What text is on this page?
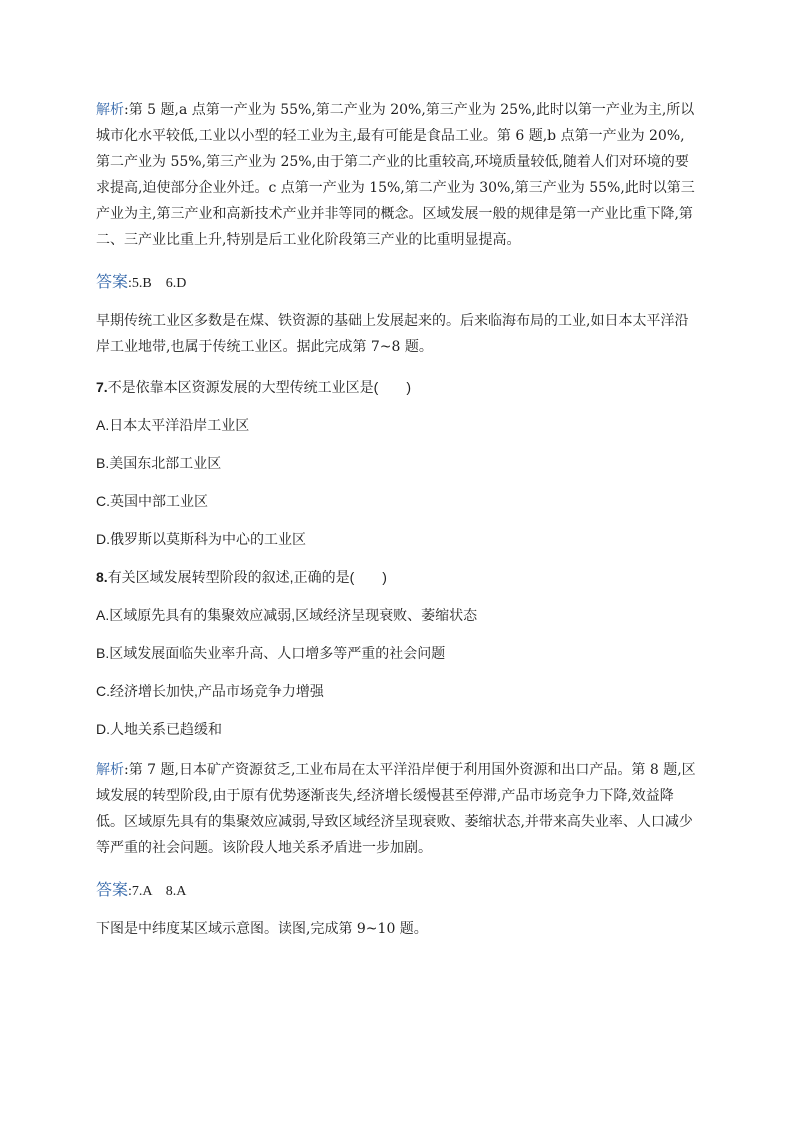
解析:第 5 题,a 点第一产业为 55%,第二产业为 20%,第三产业为 25%,此时以第一产业为主,所以城市化水平较低,工业以小型的轻工业为主,最有可能是食品工业。第 6 题,b 点第一产业为 20%,第二产业为 55%,第三产业为 25%,由于第二产业的比重较高,环境质量较低,随着人们对环境的要求提高,迫使部分企业外迁。c 点第一产业为 15%,第二产业为 30%,第三产业为 55%,此时以第三产业为主,第三产业和高新技术产业并非等同的概念。区域发展一般的规律是第一产业比重下降,第二、三产业比重上升,特别是后工业化阶段第三产业的比重明显提高。

答案:5.B　6.D

早期传统工业区多数是在煤、铁资源的基础上发展起来的。后来临海布局的工业,如日本太平洋沿岸工业地带,也属于传统工业区。据此完成第 7~8 题。

7.不是依靠本区资源发展的大型传统工业区是(　　)

A.日本太平洋沿岸工业区

B.美国东北部工业区

C.英国中部工业区

D.俄罗斯以莫斯科为中心的工业区

8.有关区域发展转型阶段的叙述,正确的是(　　)

A.区域原先具有的集聚效应减弱,区域经济呈现衰败、萎缩状态

B.区域发展面临失业率升高、人口增多等严重的社会问题

C.经济增长加快,产品市场竞争力增强

D.人地关系已趋缓和

解析:第 7 题,日本矿产资源贫乏,工业布局在太平洋沿岸便于利用国外资源和出口产品。第 8 题,区域发展的转型阶段,由于原有优势逐渐丧失,经济增长缓慢甚至停滞,产品市场竞争力下降,效益降低。区域原先具有的集聚效应减弱,导致区域经济呈现衰败、萎缩状态,并带来高失业率、人口减少等严重的社会问题。该阶段人地关系矛盾进一步加剧。

答案:7.A　8.A

下图是中纬度某区域示意图。读图,完成第 9~10 题。
